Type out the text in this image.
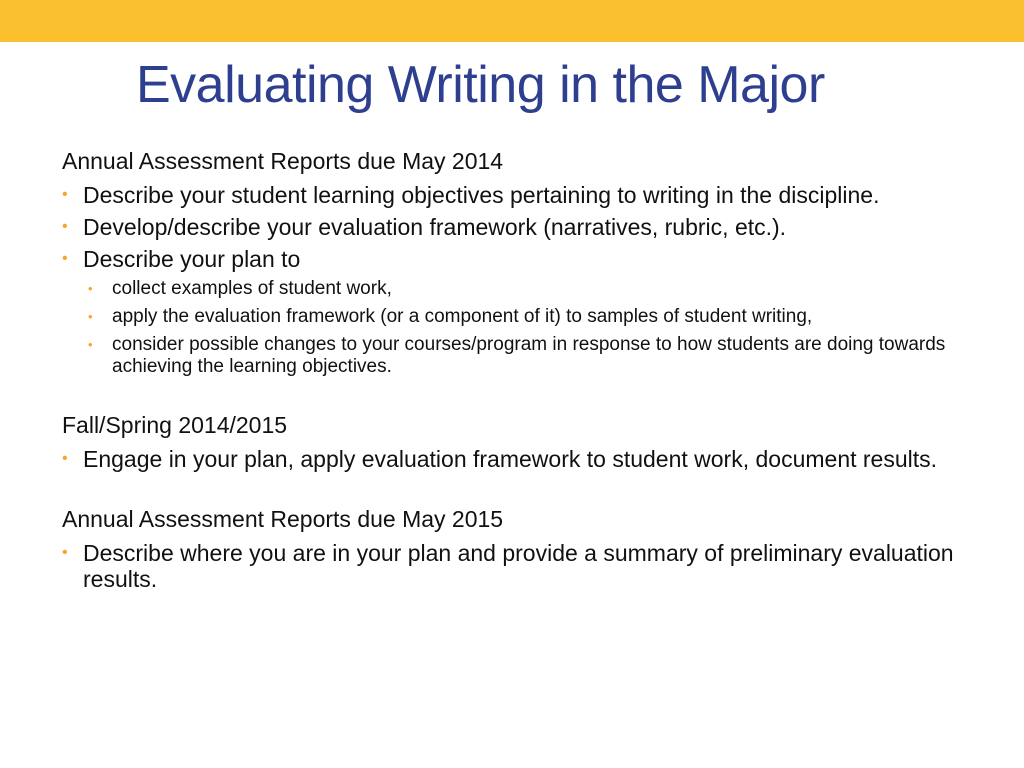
Evaluating Writing in the Major

Annual Assessment Reports due May 2014

• Describe your student learning objectives pertaining to writing in the discipline.
• Develop/describe your evaluation framework (narratives, rubric, etc.).
• Describe your plan to
• collect examples of student work,
• apply the evaluation framework (or a component of it) to samples of student writing,
• consider possible changes to your courses/program in response to how students are doing towards achieving the learning objectives.

Fall/Spring 2014/2015

• Engage in your plan, apply evaluation framework to student work, document results.

Annual Assessment Reports due May 2015

• Describe where you are in your plan and provide a summary of preliminary evaluation results.
